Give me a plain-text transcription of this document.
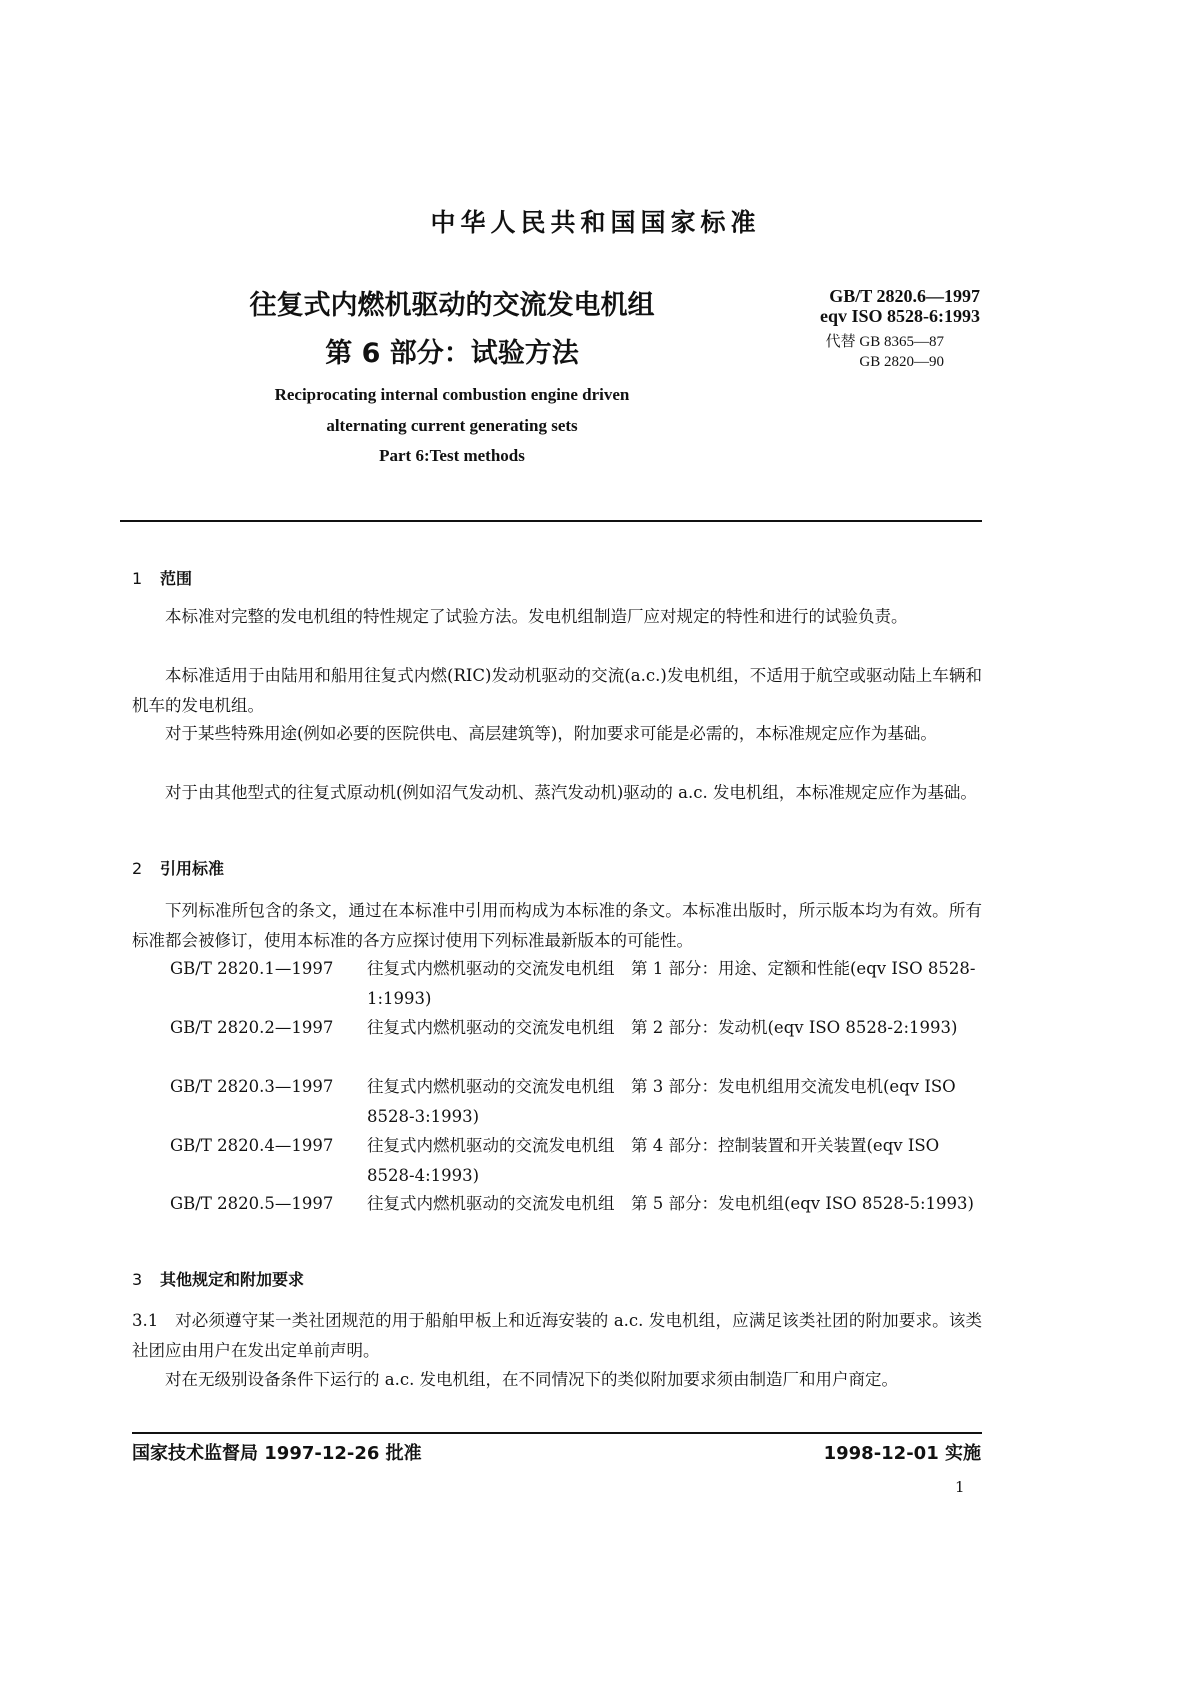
中华人民共和国国家标准
往复式内燃机驱动的交流发电机组
第 6 部分：试验方法
GB/T 2820.6—1997
eqv ISO 8528-6:1993
代替 GB 8365—87
GB 2820—90
Reciprocating internal combustion engine driven
alternating current generating sets
Part 6:Test methods
1 范围
本标准对完整的发电机组的特性规定了试验方法。发电机组制造厂应对规定的特性和进行的试验负责。
本标准适用于由陆用和船用往复式内燃(RIC)发动机驱动的交流(a.c.)发电机组，不适用于航空或驱动陆上车辆和机车的发电机组。
对于某些特殊用途(例如必要的医院供电、高层建筑等)，附加要求可能是必需的，本标准规定应作为基础。
对于由其他型式的往复式原动机(例如沼气发动机、蒸汽发动机)驱动的 a.c. 发电机组，本标准规定应作为基础。
2 引用标准
下列标准所包含的条文，通过在本标准中引用而构成为本标准的条文。本标准出版时，所示版本均为有效。所有标准都会被修订，使用本标准的各方应探讨使用下列标准最新版本的可能性。
GB/T 2820.1—1997	往复式内燃机驱动的交流发电机组　第 1 部分：用途、定额和性能(eqv ISO 8528-1:1993)
GB/T 2820.2—1997	往复式内燃机驱动的交流发电机组　第 2 部分：发动机(eqv ISO 8528-2:1993)
GB/T 2820.3—1997	往复式内燃机驱动的交流发电机组　第 3 部分：发电机组用交流发电机(eqv ISO 8528-3:1993)
GB/T 2820.4—1997	往复式内燃机驱动的交流发电机组　第 4 部分：控制装置和开关装置(eqv ISO 8528-4:1993)
GB/T 2820.5—1997	往复式内燃机驱动的交流发电机组　第 5 部分：发电机组(eqv ISO 8528-5:1993)
3 其他规定和附加要求
3.1　对必须遵守某一类社团规范的用于船舶甲板上和近海安装的 a.c. 发电机组，应满足该类社团的附加要求。该类社团应由用户在发出定单前声明。
对在无级别设备条件下运行的 a.c. 发电机组，在不同情况下的类似附加要求须由制造厂和用户商定。
国家技术监督局 1997-12-26 批准	1998-12-01 实施
1
